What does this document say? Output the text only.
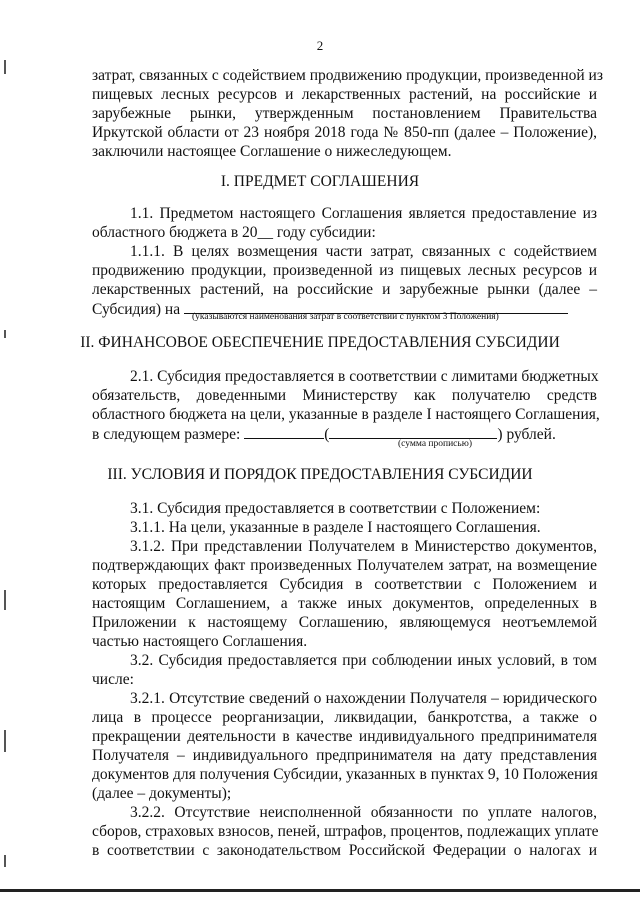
2
затрат, связанных с содействием продвижению продукции, произведенной из
пищевых лесных ресурсов и лекарственных растений, на российские и
зарубежные рынки, утвержденным постановлением Правительства
Иркутской области от 23 ноября 2018 года № 850-пп (далее – Положение),
заключили настоящее Соглашение о нижеследующем.
I. ПРЕДМЕТ СОГЛАШЕНИЯ
1.1. Предметом настоящего Соглашения является предоставление из
областного бюджета в 20__ году субсидии:
1.1.1. В целях возмещения части затрат, связанных с содействием
продвижению продукции, произведенной из пищевых лесных ресурсов и
лекарственных растений, на российские и зарубежные рынки (далее –
Субсидия) на	(указываются наименования затрат в соответствии с пунктом 3 Положения)
II. ФИНАНСОВОЕ ОБЕСПЕЧЕНИЕ ПРЕДОСТАВЛЕНИЯ СУБСИДИИ
2.1. Субсидия предоставляется в соответствии с лимитами бюджетных
обязательств, доведенными Министерству как получателю средств
областного бюджета на цели, указанные в разделе I настоящего Соглашения,
в следующем размере:	(	) рублей.
(сумма прописью)
III. УСЛОВИЯ И ПОРЯДОК ПРЕДОСТАВЛЕНИЯ СУБСИДИИ
3.1. Субсидия предоставляется в соответствии с Положением:
3.1.1. На цели, указанные в разделе I настоящего Соглашения.
3.1.2. При представлении Получателем в Министерство документов,
подтверждающих факт произведенных Получателем затрат, на возмещение
которых предоставляется Субсидия в соответствии с Положением и
настоящим Соглашением, а также иных документов, определенных в
Приложении к настоящему Соглашению, являющемуся неотъемлемой
частью настоящего Соглашения.
3.2. Субсидия предоставляется при соблюдении иных условий, в том
числе:
3.2.1. Отсутствие сведений о нахождении Получателя – юридического
лица в процессе реорганизации, ликвидации, банкротства, а также о
прекращении деятельности в качестве индивидуального предпринимателя
Получателя – индивидуального предпринимателя на дату представления
документов для получения Субсидии, указанных в пунктах 9, 10 Положения
(далее – документы);
3.2.2. Отсутствие неисполненной обязанности по уплате налогов,
сборов, страховых взносов, пеней, штрафов, процентов, подлежащих уплате
в соответствии с законодательством Российской Федерации о налогах и
